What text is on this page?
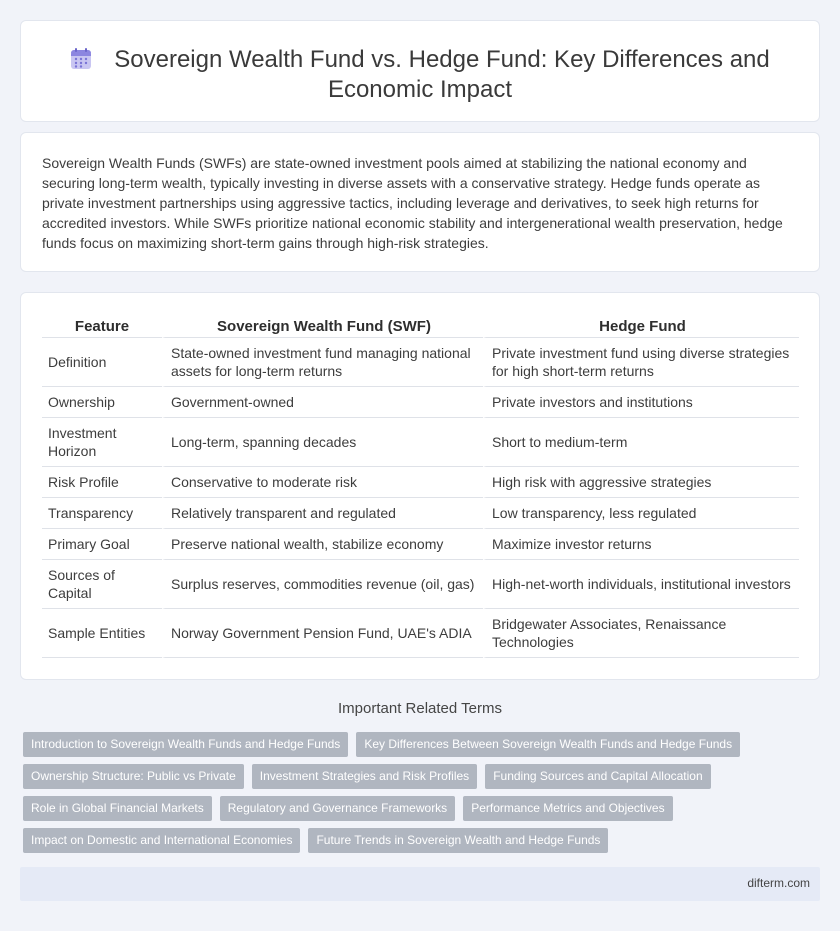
Sovereign Wealth Fund vs. Hedge Fund: Key Differences and Economic Impact

Sovereign Wealth Funds (SWFs) are state-owned investment pools aimed at stabilizing the national economy and securing long-term wealth, typically investing in diverse assets with a conservative strategy. Hedge funds operate as private investment partnerships using aggressive tactics, including leverage and derivatives, to seek high returns for accredited investors. While SWFs prioritize national economic stability and intergenerational wealth preservation, hedge funds focus on maximizing short-term gains through high-risk strategies.

Feature	Sovereign Wealth Fund (SWF)	Hedge Fund
Definition	State-owned investment fund managing national assets for long-term returns	Private investment fund using diverse strategies for high short-term returns
Ownership	Government-owned	Private investors and institutions
Investment Horizon	Long-term, spanning decades	Short to medium-term
Risk Profile	Conservative to moderate risk	High risk with aggressive strategies
Transparency	Relatively transparent and regulated	Low transparency, less regulated
Primary Goal	Preserve national wealth, stabilize economy	Maximize investor returns
Sources of Capital	Surplus reserves, commodities revenue (oil, gas)	High-net-worth individuals, institutional investors
Sample Entities	Norway Government Pension Fund, UAE's ADIA	Bridgewater Associates, Renaissance Technologies
Important Related Terms
Introduction to Sovereign Wealth Funds and Hedge Funds	Key Differences Between Sovereign Wealth Funds and Hedge Funds
Ownership Structure: Public vs Private	Investment Strategies and Risk Profiles	Funding Sources and Capital Allocation
Role in Global Financial Markets	Regulatory and Governance Frameworks	Performance Metrics and Objectives
Impact on Domestic and International Economies	Future Trends in Sovereign Wealth and Hedge Funds
difterm.com
